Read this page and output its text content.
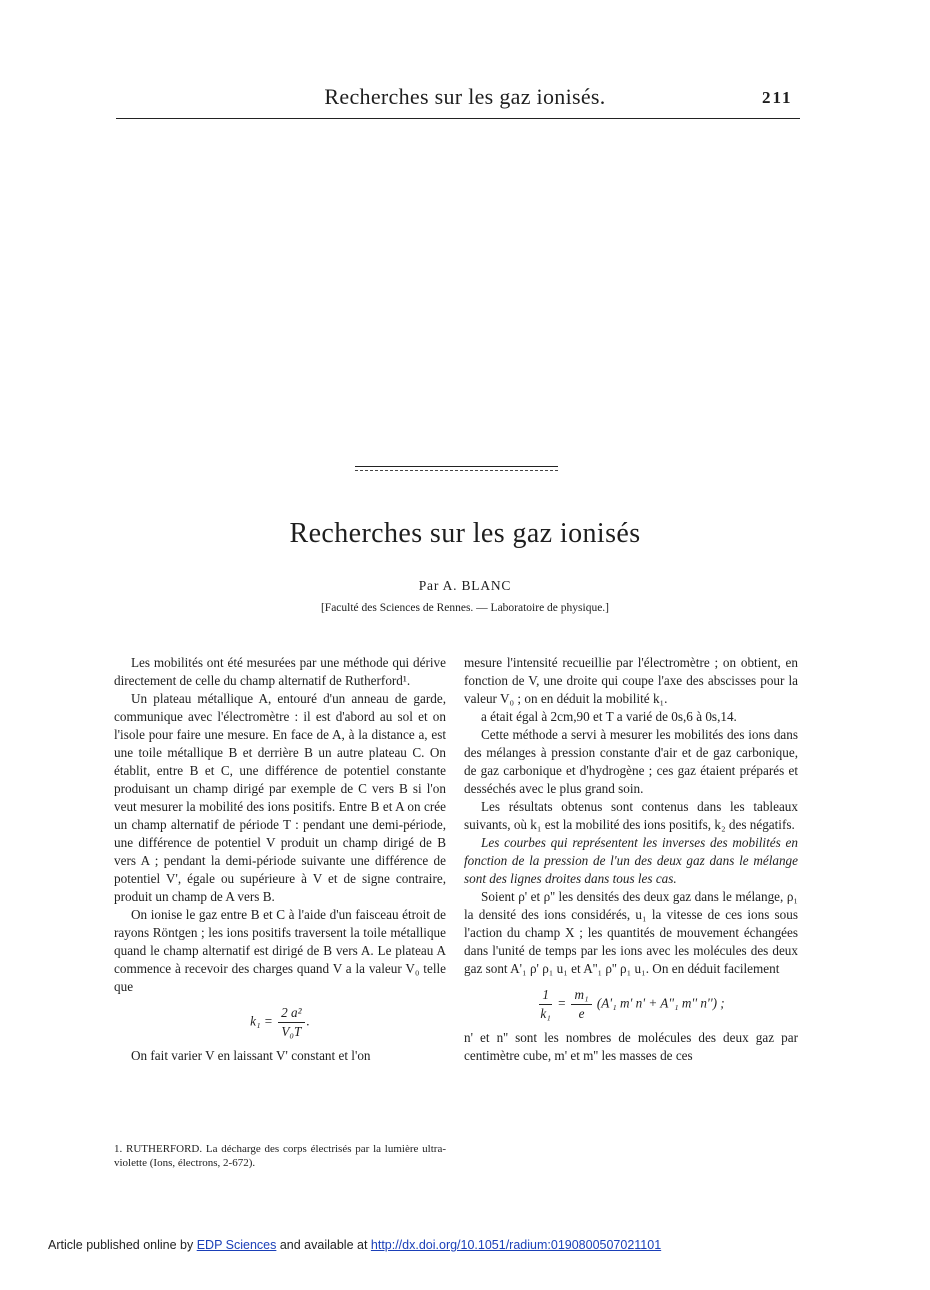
Recherches sur les gaz ionisés.	211
Recherches sur les gaz ionisés
Par A. BLANC
[Faculté des Sciences de Rennes. — Laboratoire de physique.]

Les mobilités ont été mesurées par une méthode qui dérive directement de celle du champ alternatif de Rutherford¹.

Un plateau métallique A, entouré d'un anneau de garde, communique avec l'électromètre : il est d'abord au sol et on l'isole pour faire une mesure. En face de A, à la distance a, est une toile métallique B et derrière B un autre plateau C. On établit, entre B et C, une différence de potentiel constante produisant un champ dirigé par exemple de C vers B si l'on veut mesurer la mobilité des ions positifs. Entre B et A on crée un champ alternatif de période T : pendant une demi-période, une différence de potentiel V produit un champ dirigé de B vers A ; pendant la demi-période suivante une différence de potentiel V', égale ou supérieure à V et de signe contraire, produit un champ de A vers B.

On ionise le gaz entre B et C à l'aide d'un faisceau étroit de rayons Röntgen ; les ions positifs traversent la toile métallique quand le champ alternatif est dirigé de B vers A. Le plateau A commence à recevoir des charges quand V a la valeur V₀ telle que

$k_1 = \frac{\text{2 a²}}{\text{V₀T}}$ .

On fait varier V en laissant V' constant et l'on

1. RUTHERFORD. La décharge des corps électrisés par la lumière ultra-violette (Ions, électrons, 2-672).

mesure l'intensité recueillie par l'électromètre ; on obtient, en fonction de V, une droite qui coupe l'axe des abscisses pour la valeur V₀ ; on en déduit la mobilité k₁.

a était égal à 2cm,90 et T a varié de 0s,6 à 0s,14.

Cette méthode a servi à mesurer les mobilités des ions dans des mélanges à pression constante d'air et de gaz carbonique, de gaz carbonique et d'hydrogène ; ces gaz étaient préparés et desséchés avec le plus grand soin.

Les résultats obtenus sont contenus dans les tableaux suivants, où k₁ est la mobilité des ions positifs, k₂ des négatifs.

Les courbes qui représentent les inverses des mobilités en fonction de la pression de l'un des deux gaz dans le mélange sont des lignes droites dans tous les cas.

Soient ρ' et ρ'' les densités des deux gaz dans le mélange, ρ₁ la densité des ions considérés, u₁ la vitesse de ces ions sous l'action du champ X ; les quantités de mouvement échangées dans l'unité de temps par les ions avec les molécules des deux gaz sont A'₁ ρ' ρ₁ u₁ et A''₁ ρ'' ρ₁ u₁. On en déduit facilement

$\frac{1}{\text{k₁}} = \frac{\text{m₁}}{e} (A'_1$ m' n' + A''₁ m'' n'') ;

n' et n'' sont les nombres de molécules des deux gaz par centimètre cube, m' et m'' les masses de ces

Article published online by EDP Sciences and available at http://dx.doi.org/10.1051/radium:0190800507021101
